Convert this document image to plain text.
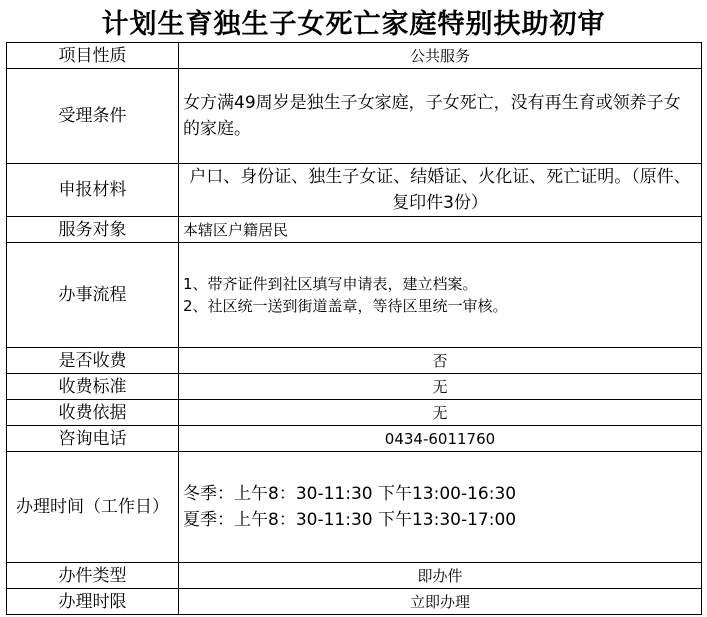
计划生育独生子女死亡家庭特别扶助初审
项目性质	公共服务
受理条件	女方满49周岁是独生子女家庭，子女死亡，没有再生育或领养子女的家庭。
申报材料	户口、身份证、独生子女证、结婚证、火化证、死亡证明。（原件、复印件3份）
服务对象	本辖区户籍居民
办事流程	1、带齐证件到社区填写申请表，建立档案。
2、社区统一送到街道盖章，等待区里统一审核。

是否收费	否
收费标准	无
收费依据	无
咨询电话	0434-6011760
办理时间（工作日）	冬季：上午8：30-11:30 下午13:00-16:30
夏季：上午8：30-11:30 下午13:30-17:00

办件类型	即办件
办理时限	立即办理
